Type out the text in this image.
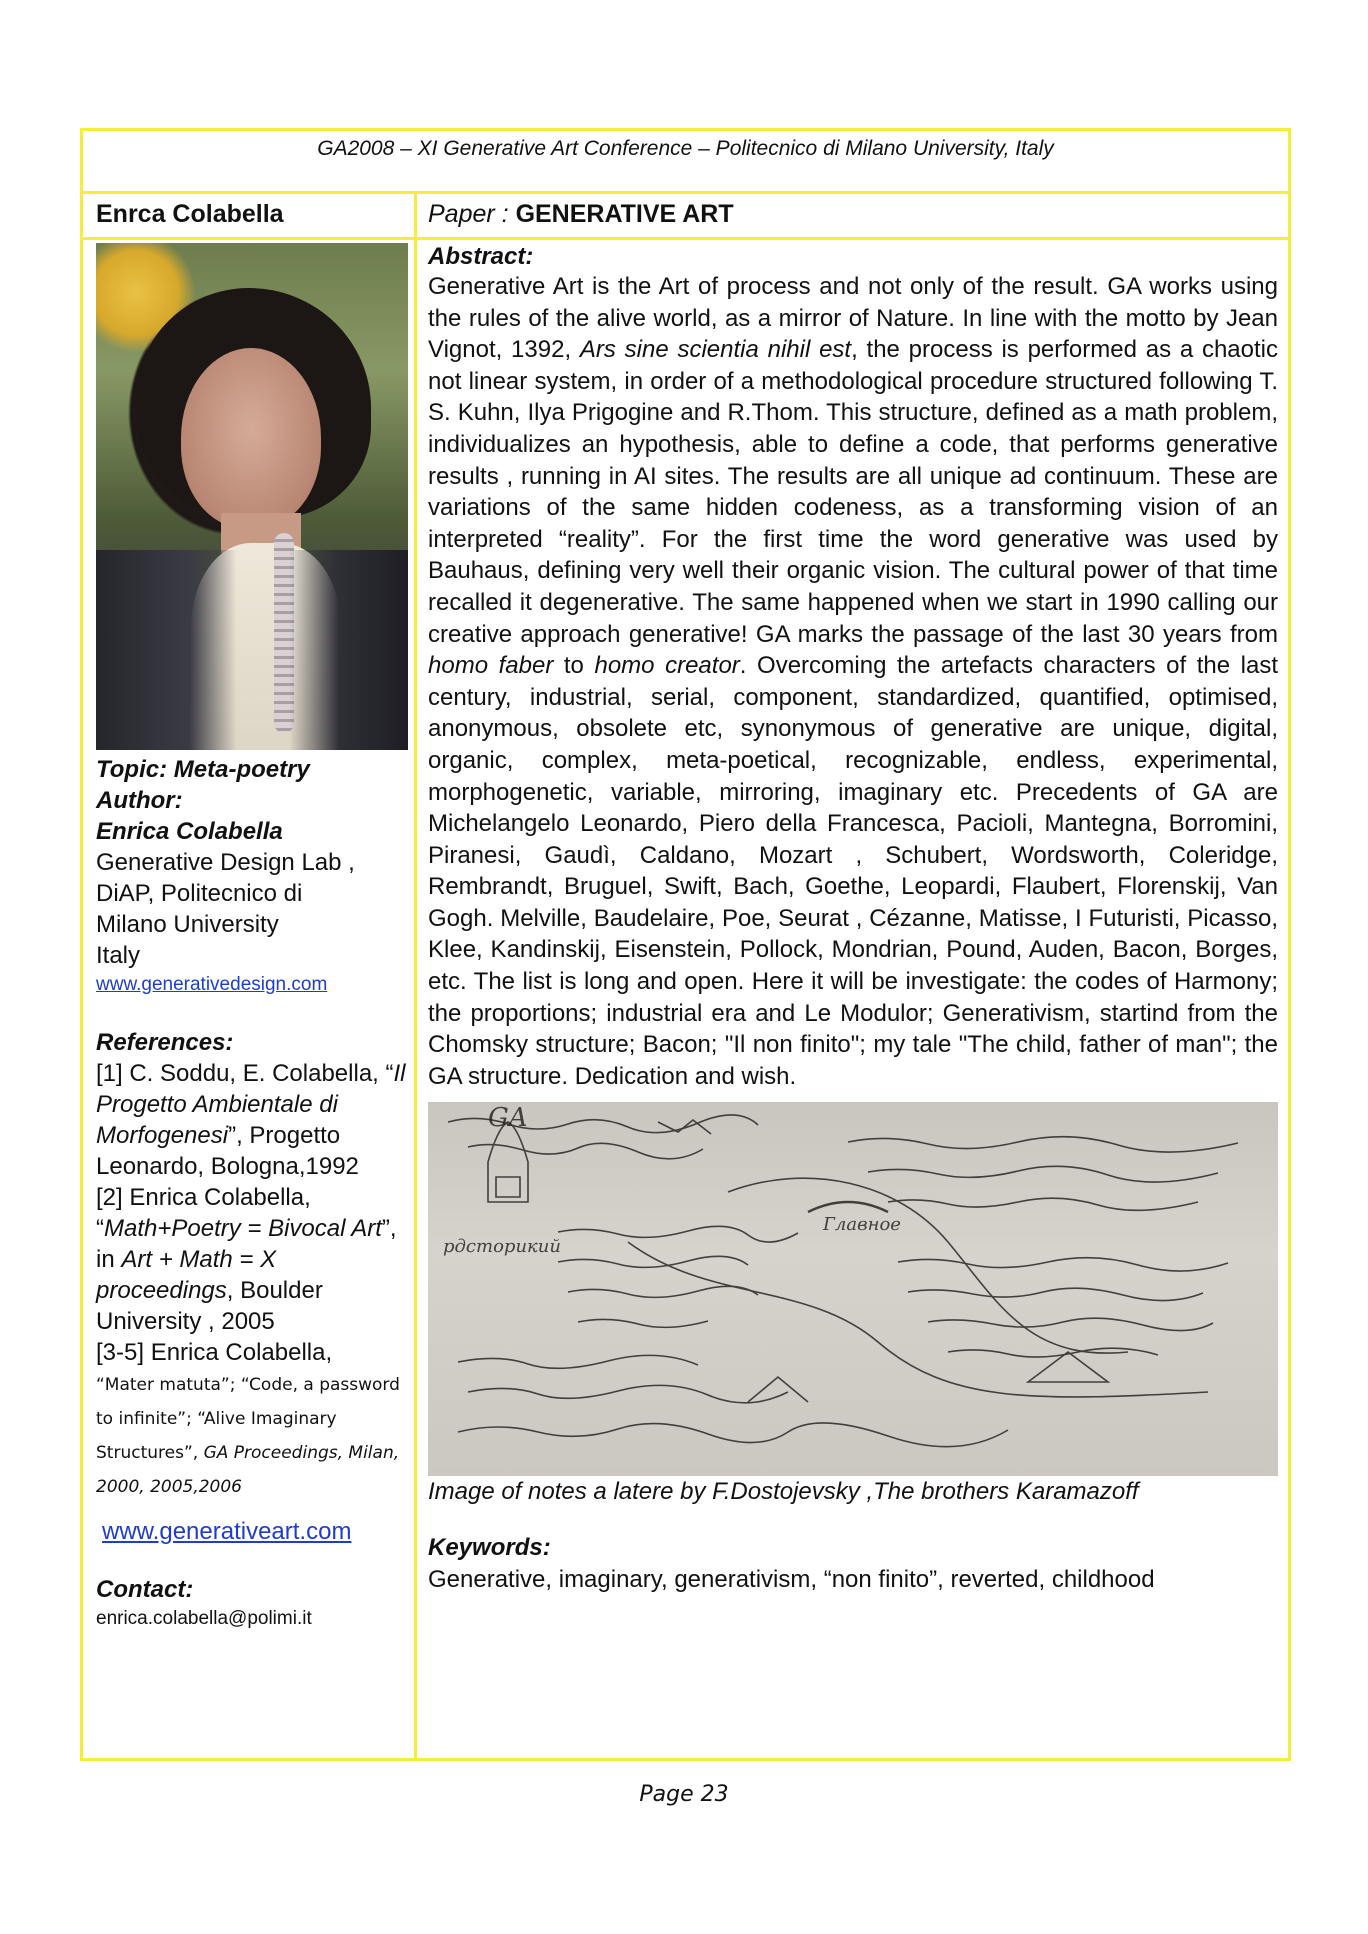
GA2008 – XI Generative Art Conference – Politecnico di Milano University, Italy
Enrca Colabella	Paper : GENERATIVE ART
Topic: Meta-poetry
Author:
Enrica Colabella
Generative Design Lab ,
DiAP, Politecnico di
Milano University
Italy
www.generativedesign.com
References:
[1] C. Soddu, E. Colabella, “Il Progetto Ambientale di Morfogenesi”, Progetto Leonardo, Bologna,1992
[2] Enrica Colabella, “Math+Poetry = Bivocal Art”, in Art + Math = X proceedings, Boulder University , 2005
[3-5] Enrica Colabella,
“Mater matuta”; “Code, a password to infinite”; “Alive Imaginary Structures”, GA Proceedings, Milan, 2000, 2005,2006
www.generativeart.com
Contact:
enrica.colabella@polimi.it
Abstract:
Generative Art is the Art of process and not only of the result. GA works using the rules of the alive world, as a mirror of Nature. In line with the motto by Jean Vignot, 1392, Ars sine scientia nihil est, the process is performed as a chaotic not linear system, in order of a methodological procedure structured following T. S. Kuhn, Ilya Prigogine and R.Thom. This structure, defined as a math problem, individualizes an hypothesis, able to define a code, that performs generative results , running in AI sites. The results are all unique ad continuum. These are variations of the same hidden codeness, as a transforming vision of an interpreted “reality”. For the first time the word generative was used by Bauhaus, defining very well their organic vision. The cultural power of that time recalled it degenerative. The same happened when we start in 1990 calling our creative approach generative! GA marks the passage of the last 30 years from homo faber to homo creator. Overcoming the artefacts characters of the last century, industrial, serial, component, standardized, quantified, optimised, anonymous, obsolete etc, synonymous of generative are unique, digital, organic, complex, meta-poetical, recognizable, endless, experimental, morphogenetic, variable, mirroring, imaginary etc. Precedents of GA are Michelangelo Leonardo, Piero della Francesca, Pacioli, Mantegna, Borromini, Piranesi, Gaudì, Caldano, Mozart , Schubert, Wordsworth, Coleridge, Rembrandt, Bruguel, Swift, Bach, Goethe, Leopardi, Flaubert, Florenskij, Van Gogh. Melville, Baudelaire, Poe, Seurat , Cézanne, Matisse, I Futuristi, Picasso, Klee, Kandinskij, Eisenstein, Pollock, Mondrian, Pound, Auden, Bacon, Borges, etc. The list is long and open. Here it will be investigate: the codes of Harmony; the proportions; industrial era and Le Modulor; Generativism, startind from the Chomsky structure; Bacon; "Il non finito"; my tale "The child, father of man"; the GA structure. Dedication and wish.
рдсторикий
Главное
GA
Image of notes a latere by F.Dostojevsky ,The brothers Karamazoff
Keywords:
Generative, imaginary, generativism, “non finito”, reverted, childhood
Page 23
